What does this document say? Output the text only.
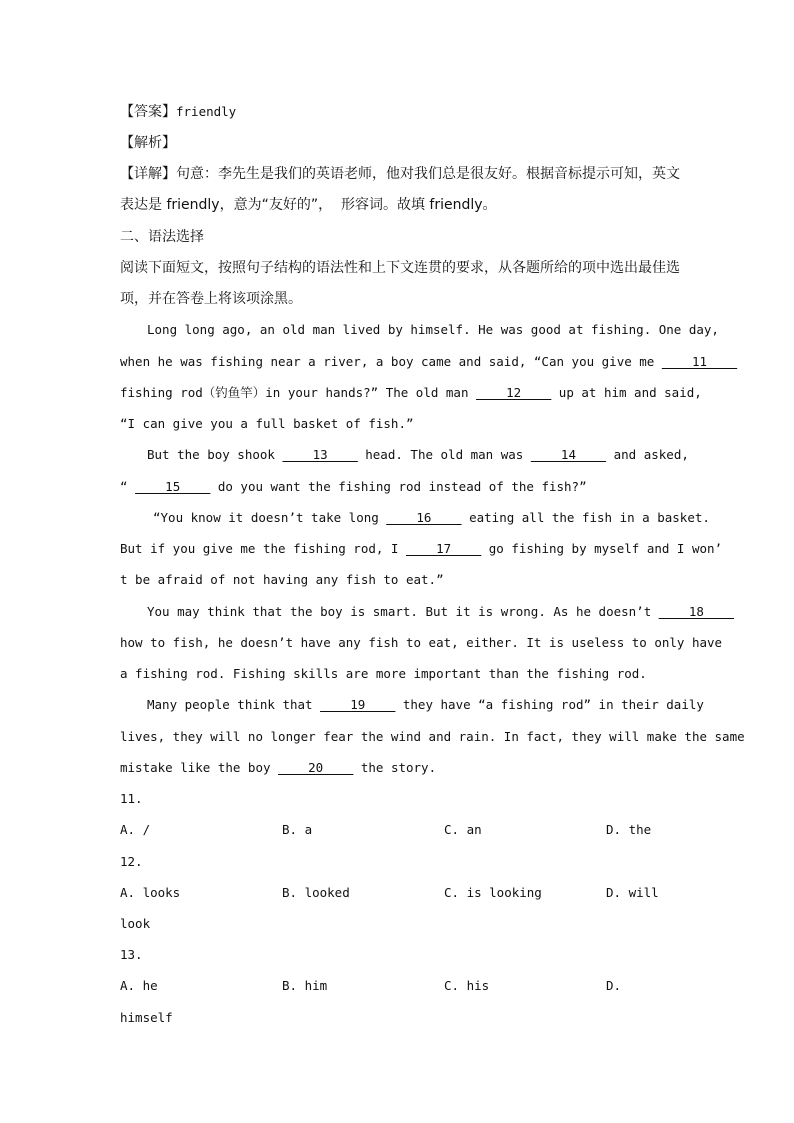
【答案】friendly
【解析】
【详解】句意：李先生是我们的英语老师，他对我们总是很友好。根据音标提示可知，英文
表达是 friendly，意为“友好的”， 形容词。故填 friendly。
二、语法选择
阅读下面短文，按照句子结构的语法性和上下文连贯的要求，从各题所给的项中选出最佳选
项，并在答卷上将该项涂黑。
Long long ago, an old man lived by himself. He was good at fishing. One day,
when he was fishing near a river, a boy came and said, “Can you give me ____11____
fishing rod（钓鱼竿）in your hands?” The old man ____12____ up at him and said,
“I can give you a full basket of fish.”
But the boy shook ____13____ head. The old man was ____14____ and asked,
“ ____15____ do you want the fishing rod instead of the fish?”
“You know it doesn’t take long ____16____ eating all the fish in a basket.
But if you give me the fishing rod, I ____17____ go fishing by myself and I won’
t be afraid of not having any fish to eat.”
You may think that the boy is smart. But it is wrong. As he doesn’t ____18____
how to fish, he doesn’t have any fish to eat, either. It is useless to only have
a fishing rod. Fishing skills are more important than the fishing rod.
Many people think that ____19____ they have “a fishing rod” in their daily
lives, they will no longer fear the wind and rain. In fact, they will make the same
mistake like the boy ____20____ the story.
11.
A. /	B. a	C. an	D. the
12.
A. looks	B. looked	C. is looking	D. will
look
13.
A. he	B. him	C. his	D.
himself
